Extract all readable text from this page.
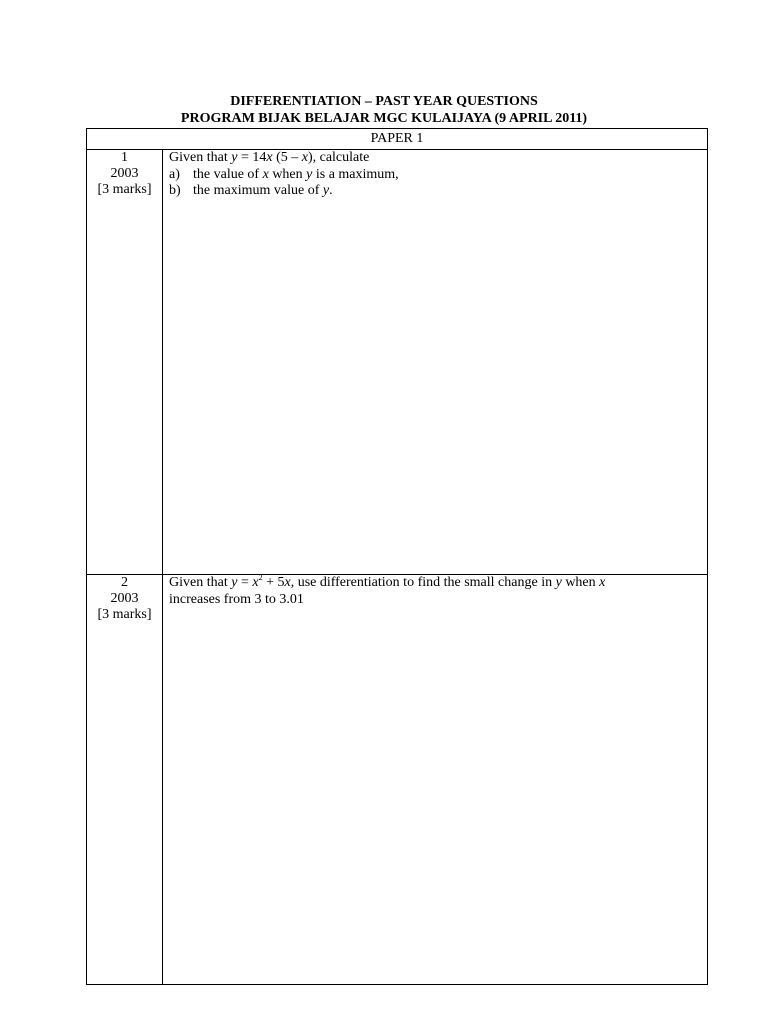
DIFFERENTIATION – PAST YEAR QUESTIONS
PROGRAM BIJAK BELAJAR MGC KULAIJAYA (9 APRIL 2011)
PAPER 1
1
2003
[3 marks]
Given that y = 14x (5 – x), calculate
a) the value of x when y is a maximum,
b) the maximum value of y.
2
2003
[3 marks]
Given that $y = x^2 + 5x$, use differentiation to find the small change in y when x
increases from 3 to 3.01
